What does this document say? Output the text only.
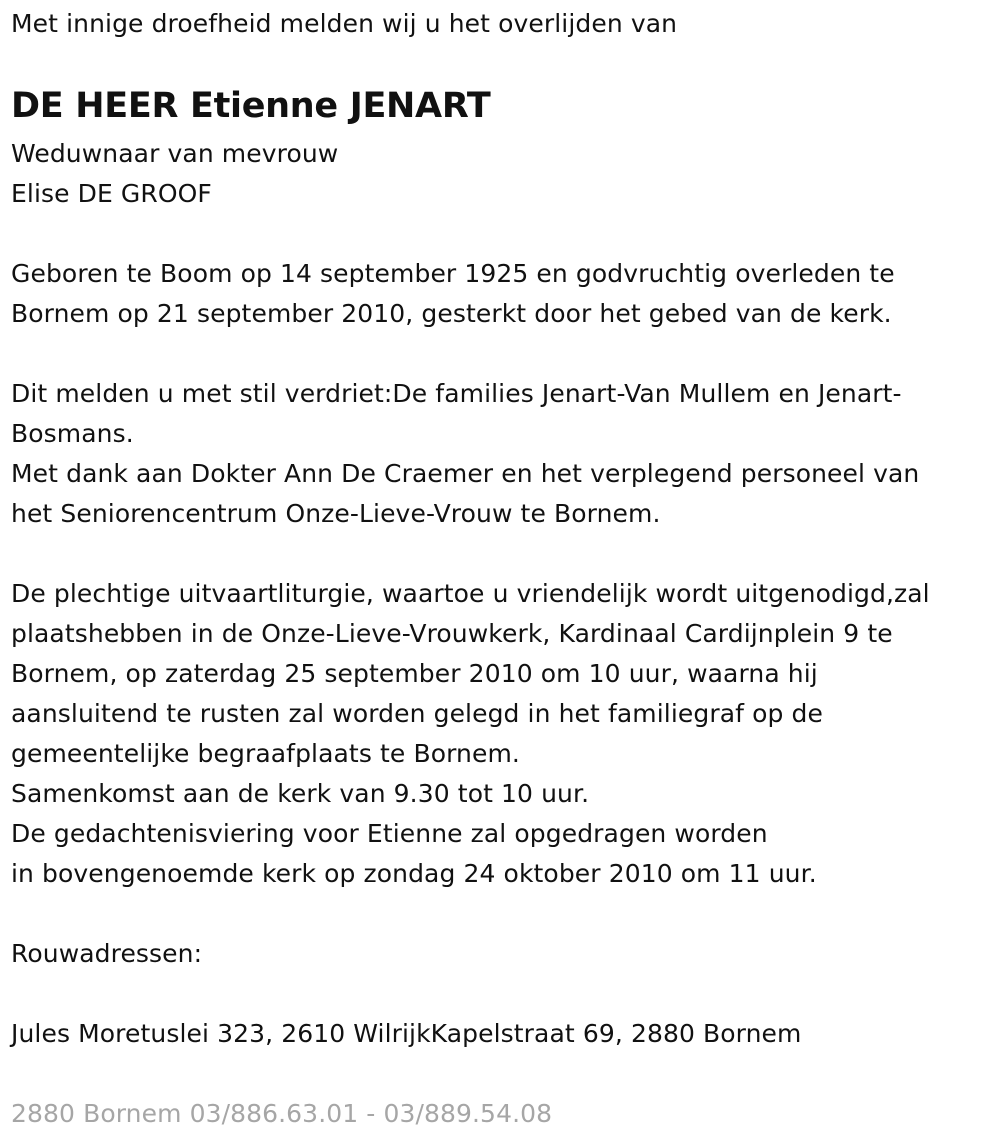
Met innige droefheid melden wij u het overlijden van
DE HEER Etienne JENART
Weduwnaar van mevrouw
Elise DE GROOF
Geboren te Boom op 14 september 1925 en godvruchtig overleden te
Bornem op 21 september 2010, gesterkt door het gebed van de kerk.
Dit melden u met stil verdriet:De families Jenart-Van Mullem en Jenart-
Bosmans.
Met dank aan Dokter Ann De Craemer en het verplegend personeel van
het Seniorencentrum Onze-Lieve-Vrouw te Bornem.
De plechtige uitvaartliturgie, waartoe u vriendelijk wordt uitgenodigd,zal
plaatshebben in de Onze-Lieve-Vrouwkerk, Kardinaal Cardijnplein 9 te
Bornem, op zaterdag 25 september 2010 om 10 uur, waarna hij
aansluitend te rusten zal worden gelegd in het familiegraf op de
gemeentelijke begraafplaats te Bornem.
Samenkomst aan de kerk van 9.30 tot 10 uur.
De gedachtenisviering voor Etienne zal opgedragen worden
in bovengenoemde kerk op zondag 24 oktober 2010 om 11 uur.
Rouwadressen:
Jules Moretuslei 323, 2610 WilrijkKapelstraat 69, 2880 Bornem
2880 Bornem 03/886.63.01 - 03/889.54.08
